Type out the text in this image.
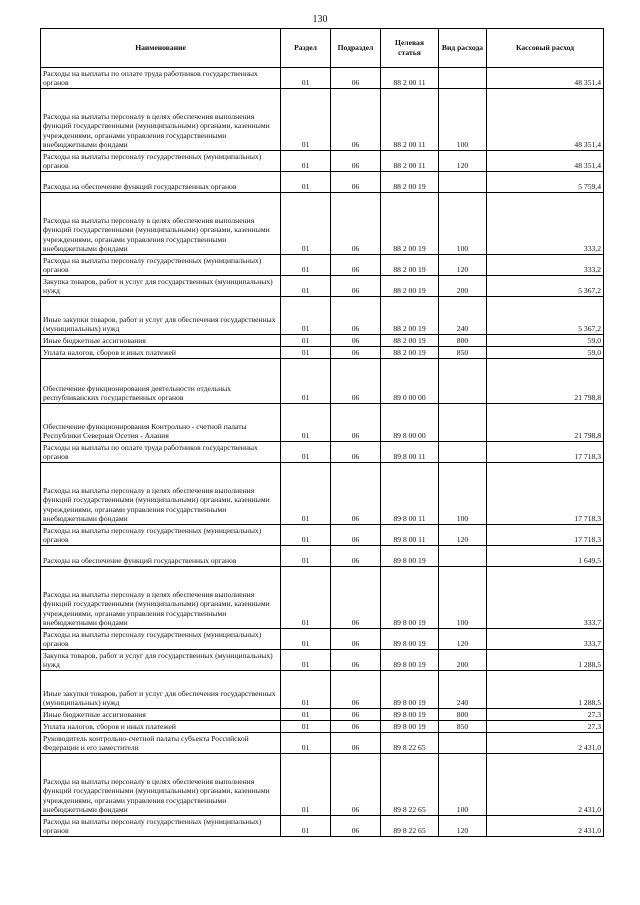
130
Наименование	Раздел	Подраздел	Целевая статья	Вид расхода	Кассовый расход
Расходы на выплаты по оплате труда работников государственных органов	01	06	88 2 00 11		48 351,4
Расходы на выплаты персоналу в целях обеспечения выполнения функций государственными (муниципальными) органами, казенными учреждениями, органами управления государственными внебюджетными фондами	01	06	88 2 00 11	100	48 351,4
Расходы на выплаты персоналу государственных (муниципальных) органов	01	06	88 2 00 11	120	48 351,4
Расходы на обеспечение функций государственных органов	01	06	88 2 00 19		5 759,4
Расходы на выплаты персоналу в целях обеспечения выполнения функций государственными (муниципальными) органами, казенными учреждениями, органами управления государственными внебюджетными фондами	01	06	88 2 00 19	100	333,2
Расходы на выплаты персоналу государственных (муниципальных) органов	01	06	88 2 00 19	120	333,2
Закупка товаров, работ и услуг для государственных (муниципальных) нужд	01	06	88 2 00 19	200	5 367,2
Иные закупки товаров, работ и услуг для обеспечения государственных (муниципальных) нужд	01	06	88 2 00 19	240	5 367,2
Иные бюджетные ассигнования	01	06	88 2 00 19	800	59,0
Уплата налогов, сборов и иных платежей	01	06	88 2 00 19	850	59,0
Обеспечение функционирования деятельности отдельных республиканских государственных органов	01	06	89 0 00 00		21 798,8
Обеспечение функционирования Контрольно - счетной палаты Республики Северная Осетия - Алания	01	06	89 8 00 00		21 798,8
Расходы на выплаты по оплате труда работников государственных органов	01	06	89 8 00 11		17 718,3
Расходы на выплаты персоналу в целях обеспечения выполнения функций государственными (муниципальными) органами, казенными учреждениями, органами управления государственными внебюджетными фондами	01	06	89 8 00 11	100	17 718,3
Расходы на выплаты персоналу государственных (муниципальных) органов	01	06	89 8 00 11	120	17 718,3
Расходы на обеспечение функций государственных органов	01	06	89 8 00 19		1 649,5
Расходы на выплаты персоналу в целях обеспечения выполнения функций государственными (муниципальными) органами, казенными учреждениями, органами управления государственными внебюджетными фондами	01	06	89 8 00 19	100	333,7
Расходы на выплаты персоналу государственных (муниципальных) органов	01	06	89 8 00 19	120	333,7
Закупка товаров, работ и услуг для государственных (муниципальных) нужд	01	06	89 8 00 19	200	1 288,5
Иные закупки товаров, работ и услуг для обеспечения государственных (муниципальных) нужд	01	06	89 8 00 19	240	1 288,5
Иные бюджетные ассигнования	01	06	89 8 00 19	800	27,3
Уплата налогов, сборов и иных платежей	01	06	89 8 00 19	850	27,3
Руководитель контрольно-счетной палаты субъекта Российской Федерации и его заместители	01	06	89 8 22 65		2 431,0
Расходы на выплаты персоналу в целях обеспечения выполнения функций государственными (муниципальными) органами, казенными учреждениями, органами управления государственными внебюджетными фондами	01	06	89 8 22 65	100	2 431,0
Расходы на выплаты персоналу государственных (муниципальных) органов	01	06	89 8 22 65	120	2 431,0
